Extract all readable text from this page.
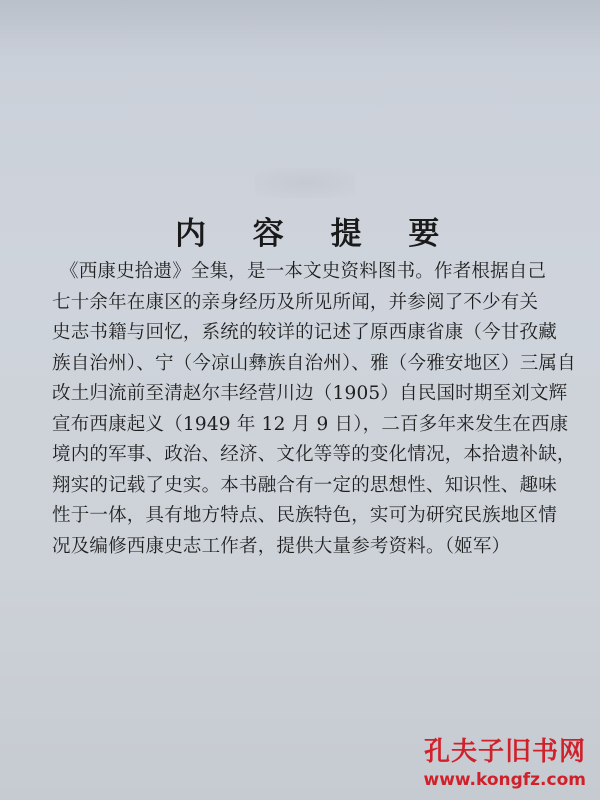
内 容 提 要
《西康史拾遗》全集，是一本文史资料图书。作者根据自己
七十余年在康区的亲身经历及所见所闻，并参阅了不少有关
史志书籍与回忆，系统的较详的记述了原西康省康（今甘孜藏
族自治州）、宁（今凉山彝族自治州）、雅（今雅安地区）三属自
改土归流前至清赵尔丰经营川边（1905）自民国时期至刘文辉
宣布西康起义（1949 年 12 月 9 日），二百多年来发生在西康
境内的军事、政治、经济、文化等等的变化情况，本拾遗补缺，
翔实的记载了史实。本书融合有一定的思想性、知识性、趣味
性于一体，具有地方特点、民族特色，实可为研究民族地区情
况及编修西康史志工作者，提供大量参考资料。（姬军）
孔夫子旧书网
www.kongfz.com
